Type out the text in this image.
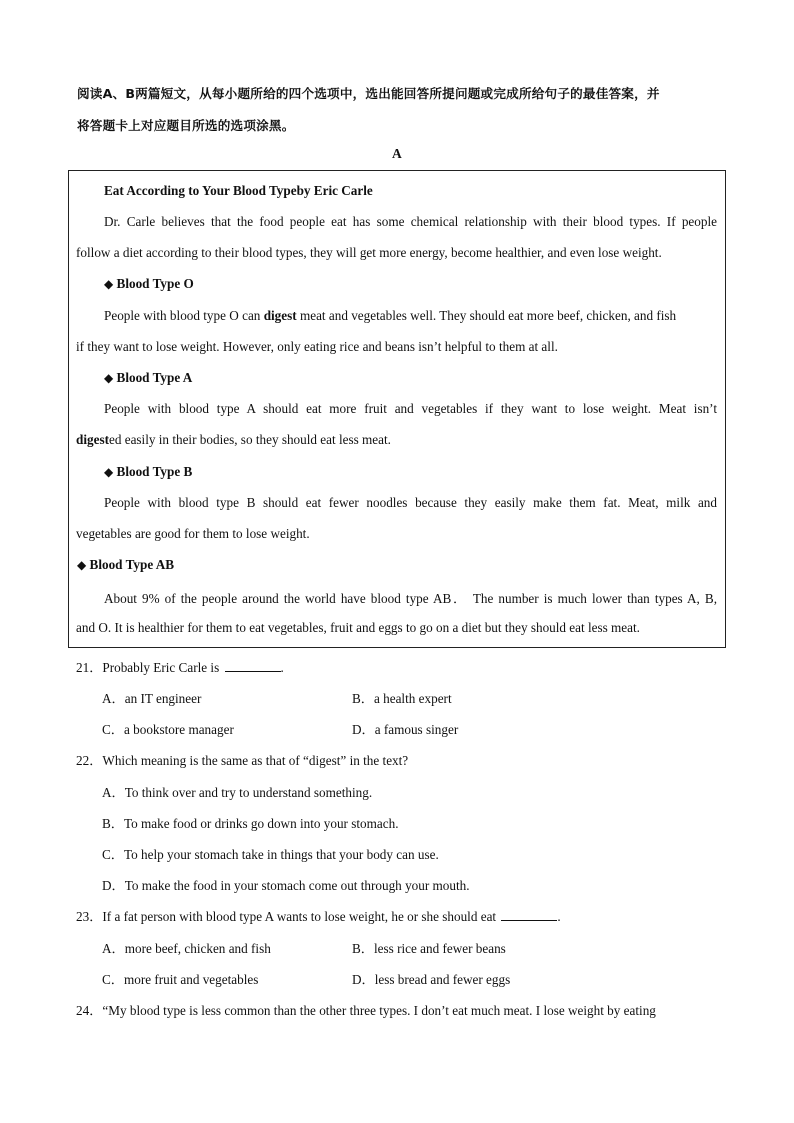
阅读A、B两篇短文，从每小题所给的四个选项中，选出能回答所提问题或完成所给句子的最佳答案，并
将答题卡上对应题目所选的选项涂黑。
A
Eat According to Your Blood Typeby Eric Carle
Dr. Carle believes that the food people eat has some chemical relationship with their blood types. If people
follow a diet according to their blood types, they will get more energy, become healthier, and even lose weight.
◆ Blood Type O
People with blood type O can digest meat and vegetables well. They should eat more beef, chicken, and fish
if they want to lose weight. However, only eating rice and beans isn’t helpful to them at all.
◆ Blood Type A
People with blood type A should eat more fruit and vegetables if they want to lose weight. Meat isn’t
digested easily in their bodies, so they should eat less meat.
◆ Blood Type B
People with blood type B should eat fewer noodles because they easily make them fat. Meat, milk and
vegetables are good for them to lose weight.
◆ Blood Type AB
About 9% of the people around the world have blood type AB． The number is much lower than types A, B,
and O. It is healthier for them to eat vegetables, fruit and eggs to go on a diet but they should eat less meat.
21．Probably Eric Carle is	.
A．an IT engineer	B．a health expert
C．a bookstore manager	D．a famous singer
22．Which meaning is the same as that of “digest” in the text?
A．To think over and try to understand something.
B．To make food or drinks go down into your stomach.
C．To help your stomach take in things that your body can use.
D．To make the food in your stomach come out through your mouth.
23．If a fat person with blood type A wants to lose weight, he or she should eat	.
A．more beef, chicken and fish	B．less rice and fewer beans
C．more fruit and vegetables	D．less bread and fewer eggs
24．“My blood type is less common than the other three types. I don’t eat much meat. I lose weight by eating
